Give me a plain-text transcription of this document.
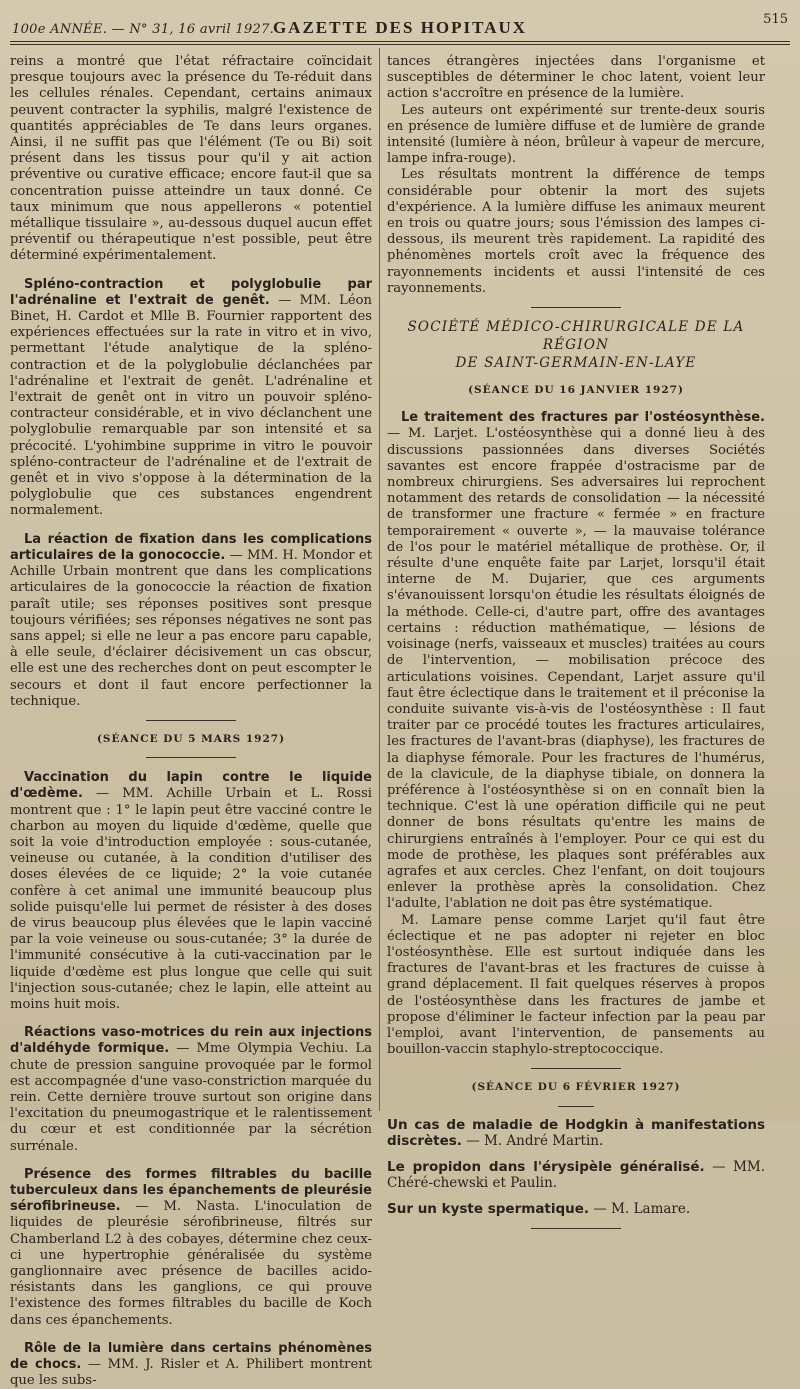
100e ANNÉE. — N° 31, 16 avril 1927.
GAZETTE DES HOPITAUX	515

reins a montré que l'état réfractaire coïncidait presque toujours avec la présence du Te-réduit dans les cellules rénales. Cependant, certains animaux peuvent contracter la syphilis, malgré l'existence de quantités appréciables de Te dans leurs organes. Ainsi, il ne suffit pas que l'élément (Te ou Bi) soit présent dans les tissus pour qu'il y ait action préventive ou curative efficace; encore faut-il que sa concentration puisse atteindre un taux donné. Ce taux minimum que nous appellerons « potentiel métallique tissulaire », au-dessous duquel aucun effet préventif ou thérapeutique n'est possible, peut être déterminé expérimentalement.

Spléno-contraction et polyglobulie par l'adrénaline et l'extrait de genêt. — MM. Léon Binet, H. Cardot et Mlle B. Fournier rapportent des expériences effectuées sur la rate in vitro et in vivo, permettant l'étude analytique de la spléno-contraction et de la polyglobulie déclanchées par l'adrénaline et l'extrait de genêt. L'adrénaline et l'extrait de genêt ont in vitro un pouvoir spléno-contracteur considérable, et in vivo déclanchent une polyglobulie remarquable par son intensité et sa précocité. L'yohimbine supprime in vitro le pouvoir spléno-contracteur de l'adrénaline et de l'extrait de genêt et in vivo s'oppose à la détermination de la polyglobulie que ces substances engendrent normalement.

La réaction de fixation dans les complications articulaires de la gonococcie. — MM. H. Mondor et Achille Urbain montrent que dans les complications articulaires de la gonococcie la réaction de fixation paraît utile; ses réponses positives sont presque toujours vérifiées; ses réponses négatives ne sont pas sans appel; si elle ne leur a pas encore paru capable, à elle seule, d'éclairer décisivement un cas obscur, elle est une des recherches dont on peut escompter le secours et dont il faut encore perfectionner la technique.

(SÉANCE DU 5 MARS 1927)

Vaccination du lapin contre le liquide d'œdème. — MM. Achille Urbain et L. Rossi montrent que : 1° le lapin peut être vacciné contre le charbon au moyen du liquide d'œdème, quelle que soit la voie d'introduction employée : sous-cutanée, veineuse ou cutanée, à la condition d'utiliser des doses élevées de ce liquide; 2° la voie cutanée confère à cet animal une immunité beaucoup plus solide puisqu'elle lui permet de résister à des doses de virus beaucoup plus élevées que le lapin vacciné par la voie veineuse ou sous-cutanée; 3° la durée de l'immunité consécutive à la cuti-vaccination par le liquide d'œdème est plus longue que celle qui suit l'injection sous-cutanée; chez le lapin, elle atteint au moins huit mois.

Réactions vaso-motrices du rein aux injections d'aldéhyde formique. — Mme Olympia Vechiu. La chute de pression sanguine provoquée par le formol est accompagnée d'une vaso-constriction marquée du rein. Cette dernière trouve surtout son origine dans l'excitation du pneumogastrique et le ralentissement du cœur et est conditionnée par la sécrétion surrénale.

Présence des formes filtrables du bacille tuberculeux dans les épanchements de pleurésie sérofibrineuse. — M. Nasta. L'inoculation de liquides de pleurésie sérofibrineuse, filtrés sur Chamberland L2 à des cobayes, détermine chez ceux-ci une hypertrophie généralisée du système ganglionnaire avec présence de bacilles acido-résistants dans les ganglions, ce qui prouve l'existence des formes filtrables du bacille de Koch dans ces épanchements.

Rôle de la lumière dans certains phénomènes de chocs. — MM. J. Risler et A. Philibert montrent que les subs-

tances étrangères injectées dans l'organisme et susceptibles de déterminer le choc latent, voient leur action s'accroître en présence de la lumière.

Les auteurs ont expérimenté sur trente-deux souris en présence de lumière diffuse et de lumière de grande intensité (lumière à néon, brûleur à vapeur de mercure, lampe infra-rouge).

Les résultats montrent la différence de temps considérable pour obtenir la mort des sujets d'expérience. A la lumière diffuse les animaux meurent en trois ou quatre jours; sous l'émission des lampes ci-dessous, ils meurent très rapidement. La rapidité des phénomènes mortels croît avec la fréquence des rayonnements incidents et aussi l'intensité de ces rayonnements.

SOCIÉTÉ MÉDICO-CHIRURGICALE DE LA RÉGION
DE SAINT-GERMAIN-EN-LAYE
(SÉANCE DU 16 JANVIER 1927)

Le traitement des fractures par l'ostéosynthèse. — M. Larjet. L'ostéosynthèse qui a donné lieu à des discussions passionnées dans diverses Sociétés savantes est encore frappée d'ostracisme par de nombreux chirurgiens. Ses adversaires lui reprochent notamment des retards de consolidation — la nécessité de transformer une fracture « fermée » en fracture temporairement « ouverte », — la mauvaise tolérance de l'os pour le matériel métallique de prothèse. Or, il résulte d'une enquête faite par Larjet, lorsqu'il était interne de M. Dujarier, que ces arguments s'évanouissent lorsqu'on étudie les résultats éloignés de la méthode. Celle-ci, d'autre part, offre des avantages certains : réduction mathématique, — lésions de voisinage (nerfs, vaisseaux et muscles) traitées au cours de l'intervention, — mobilisation précoce des articulations voisines. Cependant, Larjet assure qu'il faut être éclectique dans le traitement et il préconise la conduite suivante vis-à-vis de l'ostéosynthèse : Il faut traiter par ce procédé toutes les fractures articulaires, les fractures de l'avant-bras (diaphyse), les fractures de la diaphyse fémorale. Pour les fractures de l'humérus, de la clavicule, de la diaphyse tibiale, on donnera la préférence à l'ostéosynthèse si on en connaît bien la technique. C'est là une opération difficile qui ne peut donner de bons résultats qu'entre les mains de chirurgiens entraînés à l'employer. Pour ce qui est du mode de prothèse, les plaques sont préférables aux agrafes et aux cercles. Chez l'enfant, on doit toujours enlever la prothèse après la consolidation. Chez l'adulte, l'ablation ne doit pas être systématique.

M. Lamare pense comme Larjet qu'il faut être éclectique et ne pas adopter ni rejeter en bloc l'ostéosynthèse. Elle est surtout indiquée dans les fractures de l'avant-bras et les fractures de cuisse à grand déplacement. Il fait quelques réserves à propos de l'ostéosynthèse dans les fractures de jambe et propose d'éliminer le facteur infection par la peau par l'emploi, avant l'intervention, de pansements au bouillon-vaccin staphylo-streptococcique.

(SÉANCE DU 6 FÉVRIER 1927)

Un cas de maladie de Hodgkin à manifestations discrètes. — M. André Martin.

Le propidon dans l'érysipèle généralisé. — MM. Chéré-chewski et Paulin.

Sur un kyste spermatique. — M. Lamare.
